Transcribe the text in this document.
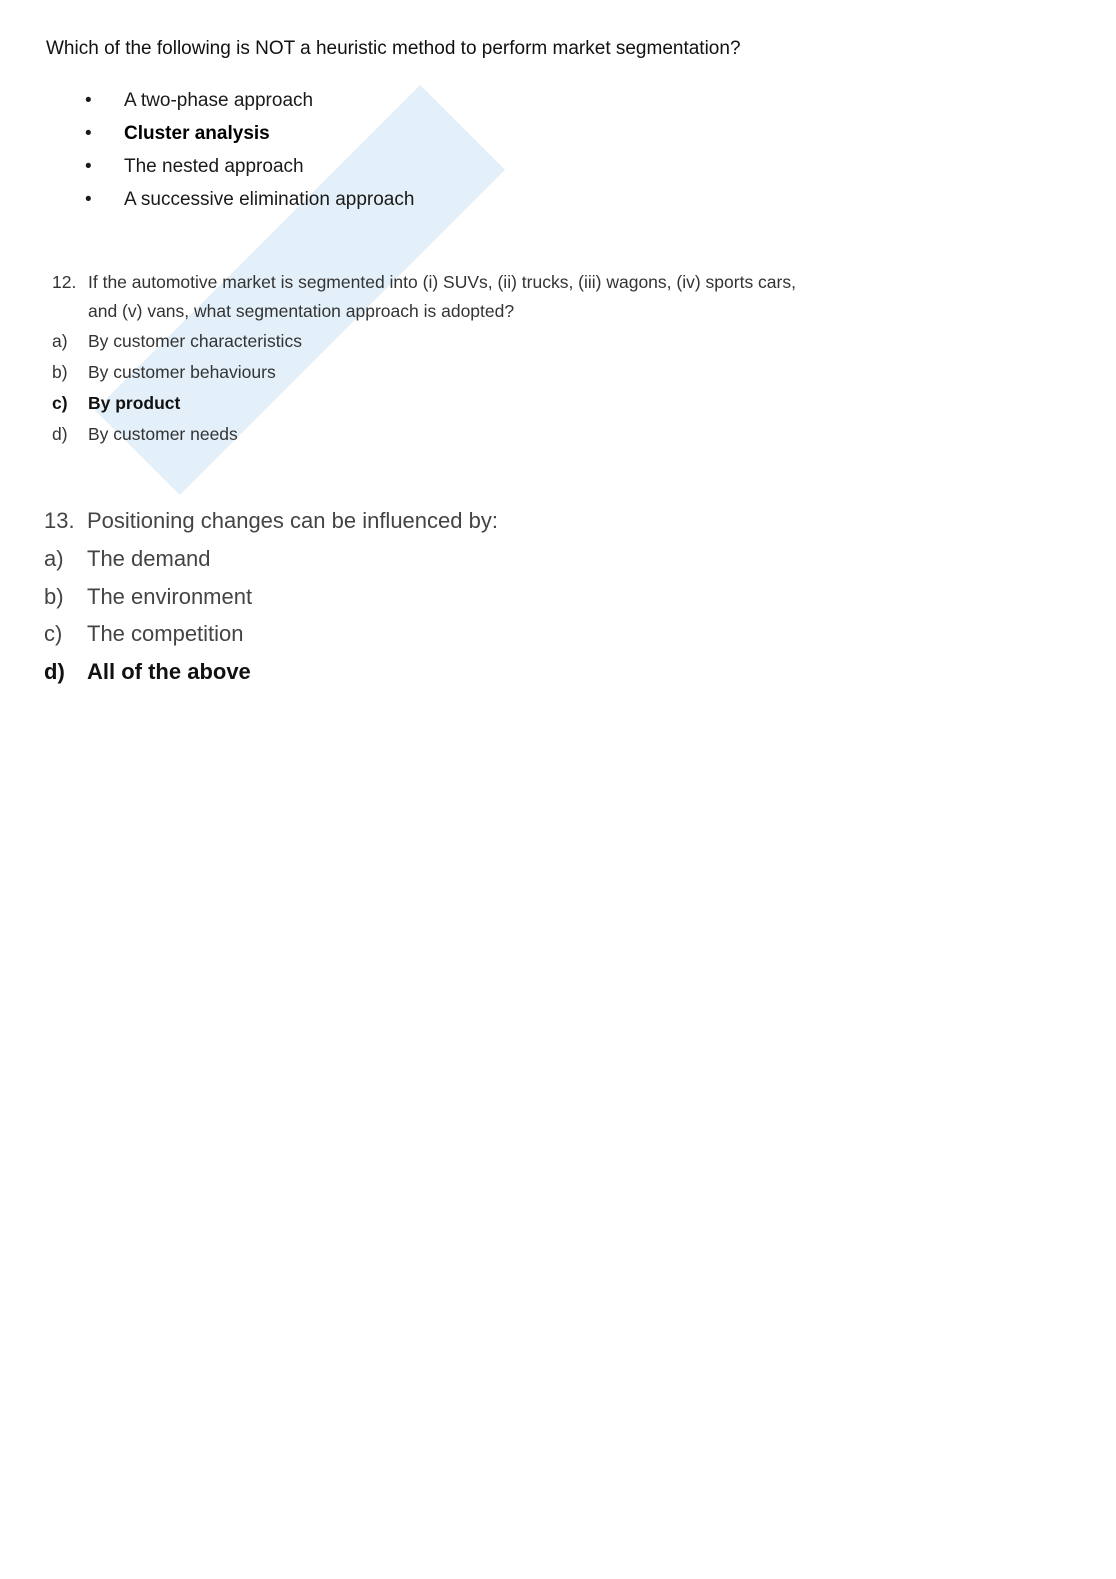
Which of the following is NOT a heuristic method to perform market segmentation?
• A two-phase approach
• Cluster analysis
• The nested approach
• A successive elimination approach
12. If the automotive market is segmented into (i) SUVs, (ii) trucks, (iii) wagons, (iv) sports cars,
and (v) vans, what segmentation approach is adopted?
a)	By customer characteristics
b)	By customer behaviours
c)	By product
d)	By customer needs
13. Positioning changes can be influenced by:
a)	The demand
b)	The environment
c)	The competition
d)	All of the above
